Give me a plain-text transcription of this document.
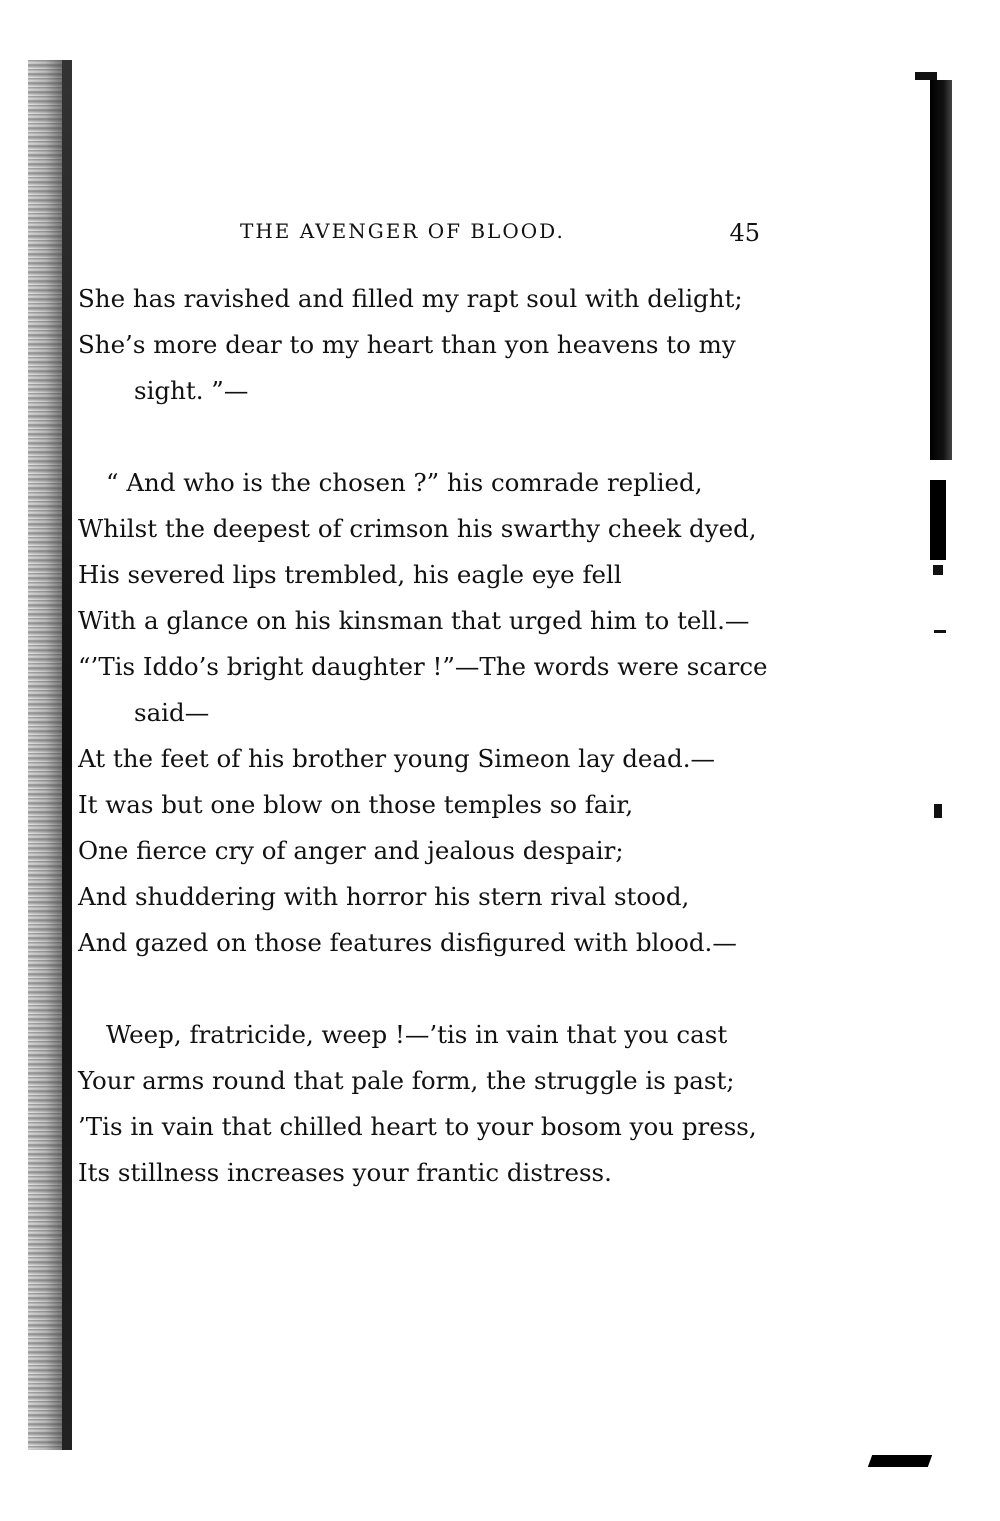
THE AVENGER OF BLOOD.	45
She has ravished and filled my rapt soul with delight;
She’s more dear to my heart than yon heavens to my
sight. ”—
“ And who is the chosen ?” his comrade replied,
Whilst the deepest of crimson his swarthy cheek dyed,
His severed lips trembled, his eagle eye fell
With a glance on his kinsman that urged him to tell.—
“’Tis Iddo’s bright daughter !”—The words were scarce
said—
At the feet of his brother young Simeon lay dead.—
It was but one blow on those temples so fair,
One fierce cry of anger and jealous despair;
And shuddering with horror his stern rival stood,
And gazed on those features disfigured with blood.—
Weep, fratricide, weep !—’tis in vain that you cast
Your arms round that pale form, the struggle is past;
’Tis in vain that chilled heart to your bosom you press,
Its stillness increases your frantic distress.
